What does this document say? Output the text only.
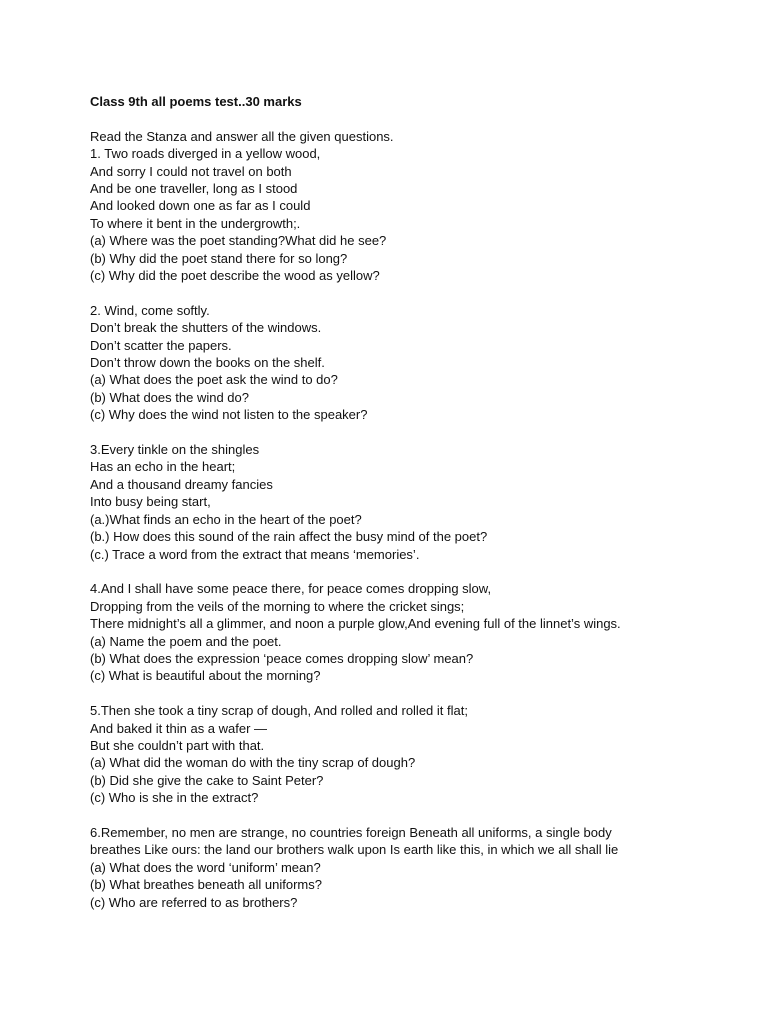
Class 9th all poems test..30 marks

Read the Stanza and answer all the given questions.

1. Two roads diverged in a yellow wood,

And sorry I could not travel on both

And be one traveller, long as I stood

And looked down one as far as I could

To where it bent in the undergrowth;.

(a) Where was the poet standing?What did he see?

(b) Why did the poet stand there for so long?

(c) Why did the poet describe the wood as yellow?

2. Wind, come softly.

Don’t break the shutters of the windows.

Don’t scatter the papers.

Don’t throw down the books on the shelf.

(a) What does the poet ask the wind to do?

(b) What does the wind do?

(c) Why does the wind not listen to the speaker?

3.Every tinkle on the shingles

Has an echo in the heart;

And a thousand dreamy fancies

Into busy being start,

(a.)What finds an echo in the heart of the poet?

(b.) How does this sound of the rain affect the busy mind of the poet?

(c.) Trace a word from the extract that means ‘memories’.

4.And I shall have some peace there, for peace comes dropping slow,

Dropping from the veils of the morning to where the cricket sings;

There midnight’s all a glimmer, and noon a purple glow,And evening full of the linnet’s wings.

(a) Name the poem and the poet.

(b) What does the expression ‘peace comes dropping slow’ mean?

(c) What is beautiful about the morning?

5.Then she took a tiny scrap of dough, And rolled and rolled it flat;

And baked it thin as a wafer —

But she couldn’t part with that.

(a) What did the woman do with the tiny scrap of dough?

(b) Did she give the cake to Saint Peter?

(c) Who is she in the extract?

6.Remember, no men are strange, no countries foreign Beneath all uniforms, a single body

breathes Like ours: the land our brothers walk upon Is earth like this, in which we all shall lie

(a) What does the word ‘uniform’ mean?

(b) What breathes beneath all uniforms?

(c) Who are referred to as brothers?
